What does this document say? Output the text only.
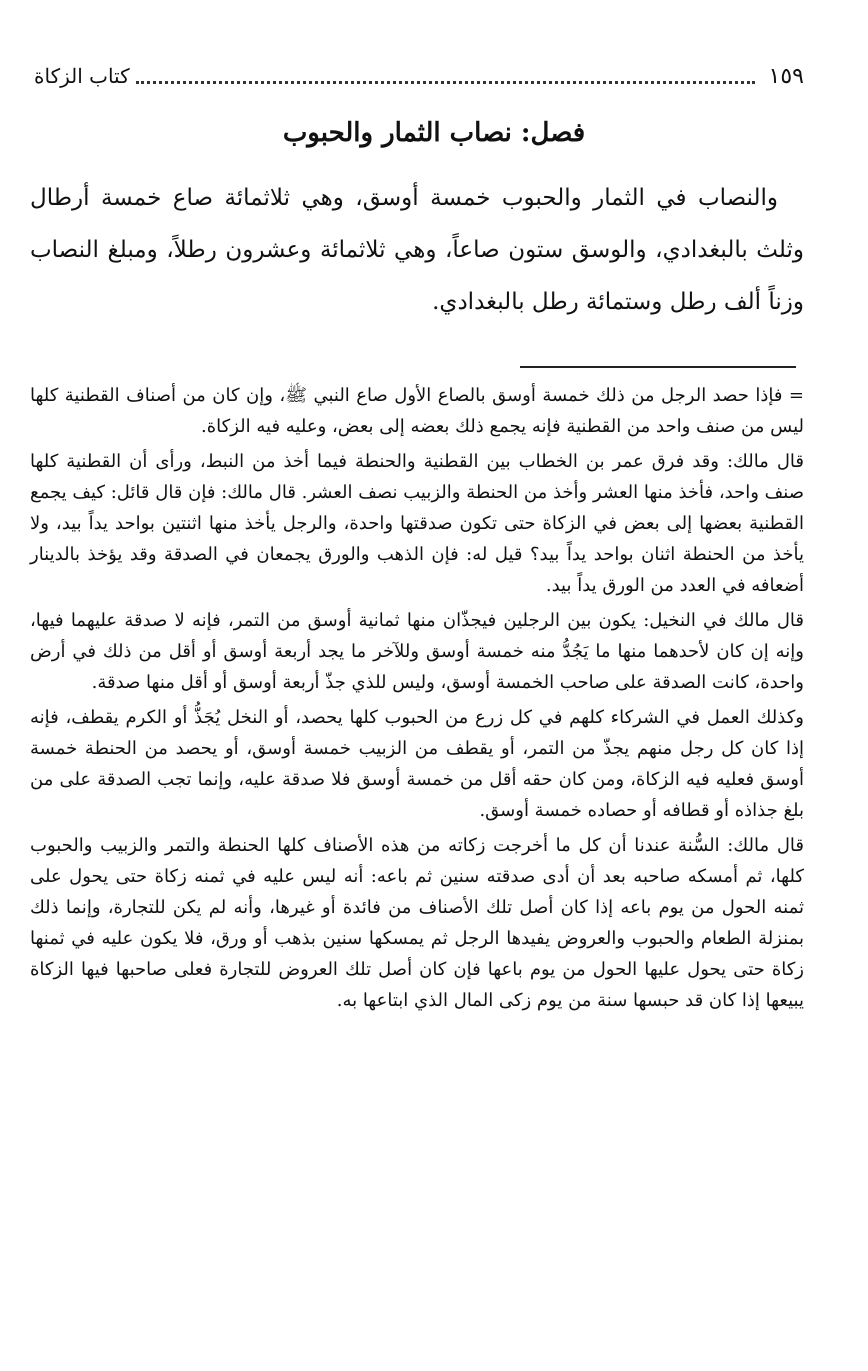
١٥٩
كتاب الزكاة
فصل: نصاب الثمار والحبوب

والنصاب في الثمار والحبوب خمسة أوسق، وهي ثلاثمائة صاع خمسة أرطال وثلث بالبغدادي، والوسق ستون صاعاً، وهي ثلاثمائة وعشرون رطلاً، ومبلغ النصاب وزناً ألف رطل وستمائة رطل بالبغدادي.

= فإذا حصد الرجل من ذلك خمسة أوسق بالصاع الأول صاع النبي ﷺ، وإن كان من أصناف القطنية كلها ليس من صنف واحد من القطنية فإنه يجمع ذلك بعضه إلى بعض، وعليه فيه الزكاة.

قال مالك: وقد فرق عمر بن الخطاب بين القطنية والحنطة فيما أخذ من النبط، ورأى أن القطنية كلها صنف واحد، فأخذ منها العشر وأخذ من الحنطة والزبيب نصف العشر. قال مالك: فإن قال قائل: كيف يجمع القطنية بعضها إلى بعض في الزكاة حتى تكون صدقتها واحدة، والرجل يأخذ منها اثنتين بواحد يداً بيد، ولا يأخذ من الحنطة اثنان بواحد يداً بيد؟ قيل له: فإن الذهب والورق يجمعان في الصدقة وقد يؤخذ بالدينار أضعافه في العدد من الورق يداً بيد.

قال مالك في النخيل: يكون بين الرجلين فيجذّان منها ثمانية أوسق من التمر، فإنه لا صدقة عليهما فيها، وإنه إن كان لأحدهما منها ما يَجُدُّ منه خمسة أوسق وللآخر ما يجد أربعة أوسق أو أقل من ذلك في أرض واحدة، كانت الصدقة على صاحب الخمسة أوسق، وليس للذي جذّ أربعة أوسق أو أقل منها صدقة.

وكذلك العمل في الشركاء كلهم في كل زرع من الحبوب كلها يحصد، أو النخل يُجَذُّ أو الكرم يقطف، فإنه إذا كان كل رجل منهم يجذّ من التمر، أو يقطف من الزبيب خمسة أوسق، أو يحصد من الحنطة خمسة أوسق فعليه فيه الزكاة، ومن كان حقه أقل من خمسة أوسق فلا صدقة عليه، وإنما تجب الصدقة على من بلغ جذاذه أو قطافه أو حصاده خمسة أوسق.

قال مالك: السُّنة عندنا أن كل ما أخرجت زكاته من هذه الأصناف كلها الحنطة والتمر والزبيب والحبوب كلها، ثم أمسكه صاحبه بعد أن أدى صدقته سنين ثم باعه: أنه ليس عليه في ثمنه زكاة حتى يحول على ثمنه الحول من يوم باعه إذا كان أصل تلك الأصناف من فائدة أو غيرها، وأنه لم يكن للتجارة، وإنما ذلك بمنزلة الطعام والحبوب والعروض يفيدها الرجل ثم يمسكها سنين بذهب أو ورق، فلا يكون عليه في ثمنها زكاة حتى يحول عليها الحول من يوم باعها فإن كان أصل تلك العروض للتجارة فعلى صاحبها فيها الزكاة يبيعها إذا كان قد حبسها سنة من يوم زكى المال الذي ابتاعها به.
